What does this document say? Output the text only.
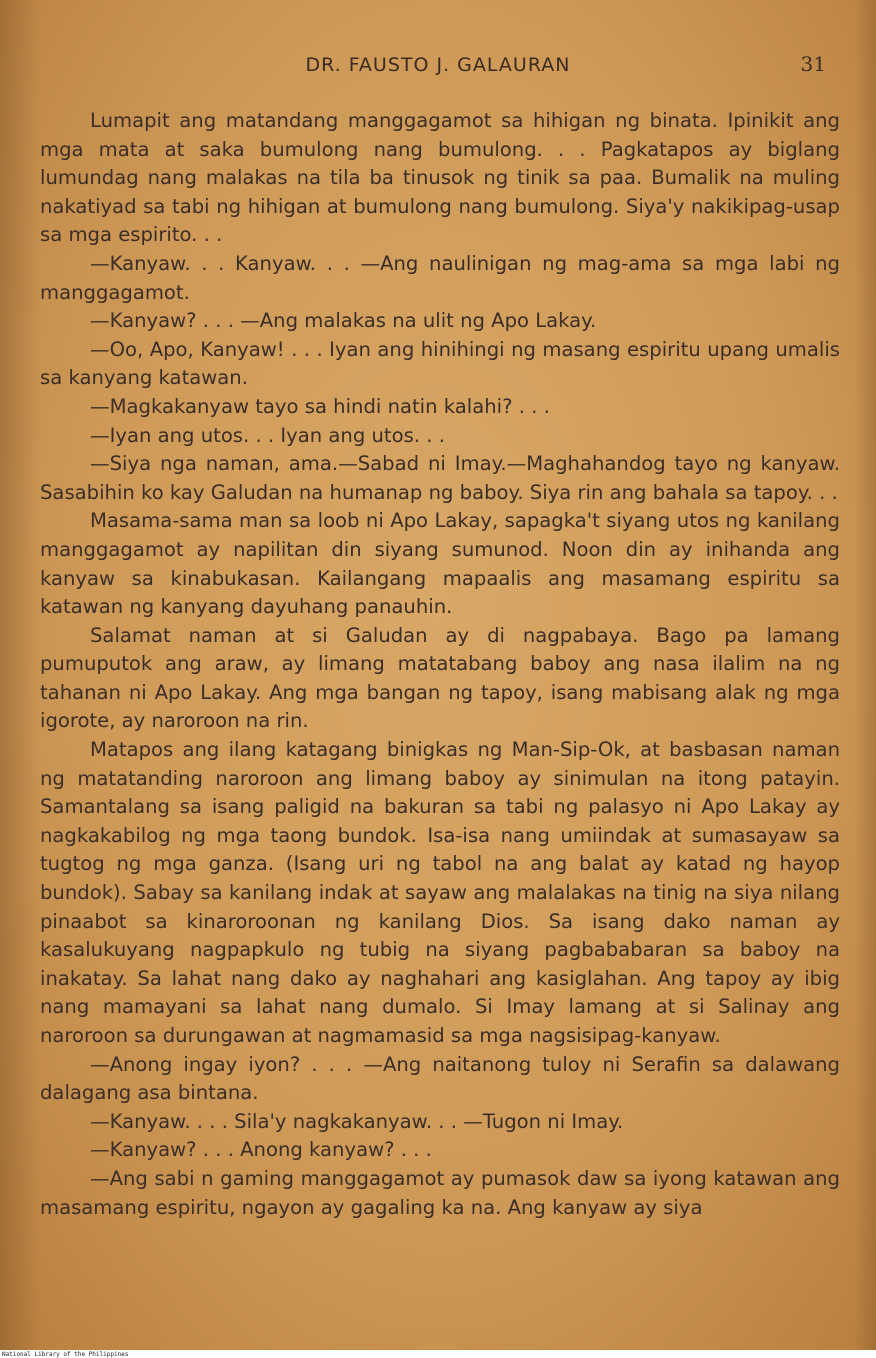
DR. FAUSTO J. GALAURAN	31

Lumapit ang matandang manggagamot sa hihigan ng binata. Ipinikit ang mga mata at saka bumulong nang bumulong. . . Pagkatapos ay biglang lumundag nang malakas na tila ba tinusok ng tinik sa paa. Bumalik na muling nakatiyad sa tabi ng hihigan at bumulong nang bumulong. Siya'y nakikipag-usap sa mga espirito. . .

—Kanyaw. . . Kanyaw. . . —Ang naulinigan ng mag-ama sa mga labi ng manggagamot.

—Kanyaw? . . . —Ang malakas na ulit ng Apo Lakay.

—Oo, Apo, Kanyaw! . . . Iyan ang hinihingi ng masang espiritu upang umalis sa kanyang katawan.

—Magkakanyaw tayo sa hindi natin kalahi? . . .

—Iyan ang utos. . . Iyan ang utos. . .

—Siya nga naman, ama.—Sabad ni Imay.—Maghahandog tayo ng kanyaw. Sasabihin ko kay Galudan na humanap ng baboy. Siya rin ang bahala sa tapoy. . .

Masama-sama man sa loob ni Apo Lakay, sapagka't siyang utos ng kanilang manggagamot ay napilitan din siyang sumunod. Noon din ay inihanda ang kanyaw sa kinabukasan. Kailangang mapaalis ang masamang espiritu sa katawan ng kanyang dayuhang panauhin.

Salamat naman at si Galudan ay di nagpabaya. Bago pa lamang pumuputok ang araw, ay limang matatabang baboy ang nasa ilalim na ng tahanan ni Apo Lakay. Ang mga bangan ng tapoy, isang mabisang alak ng mga igorote, ay naroroon na rin.

Matapos ang ilang katagang binigkas ng Man-Sip-Ok, at basbasan naman ng matatanding naroroon ang limang baboy ay sinimulan na itong patayin. Samantalang sa isang paligid na bakuran sa tabi ng palasyo ni Apo Lakay ay nagkakabilog ng mga taong bundok. Isa-isa nang umiindak at sumasayaw sa tugtog ng mga ganza. (Isang uri ng tabol na ang balat ay katad ng hayop bundok). Sabay sa kanilang indak at sayaw ang malalakas na tinig na siya nilang pinaabot sa kinaroroonan ng kanilang Dios. Sa isang dako naman ay kasalukuyang nagpapkulo ng tubig na siyang pagbababaran sa baboy na inakatay. Sa lahat nang dako ay naghahari ang kasiglahan. Ang tapoy ay ibig nang mamayani sa lahat nang dumalo. Si Imay lamang at si Salinay ang naroroon sa durungawan at nagmamasid sa mga nagsisipag-kanyaw.

—Anong ingay iyon? . . . —Ang naitanong tuloy ni Serafin sa dalawang dalagang asa bintana.

—Kanyaw. . . . Sila'y nagkakanyaw. . . —Tugon ni Imay.

—Kanyaw? . . . Anong kanyaw? . . .

—Ang sabi n gaming manggagamot ay pumasok daw sa iyong katawan ang masamang espiritu, ngayon ay gagaling ka na. Ang kanyaw ay siya

National Library of the Philippines
